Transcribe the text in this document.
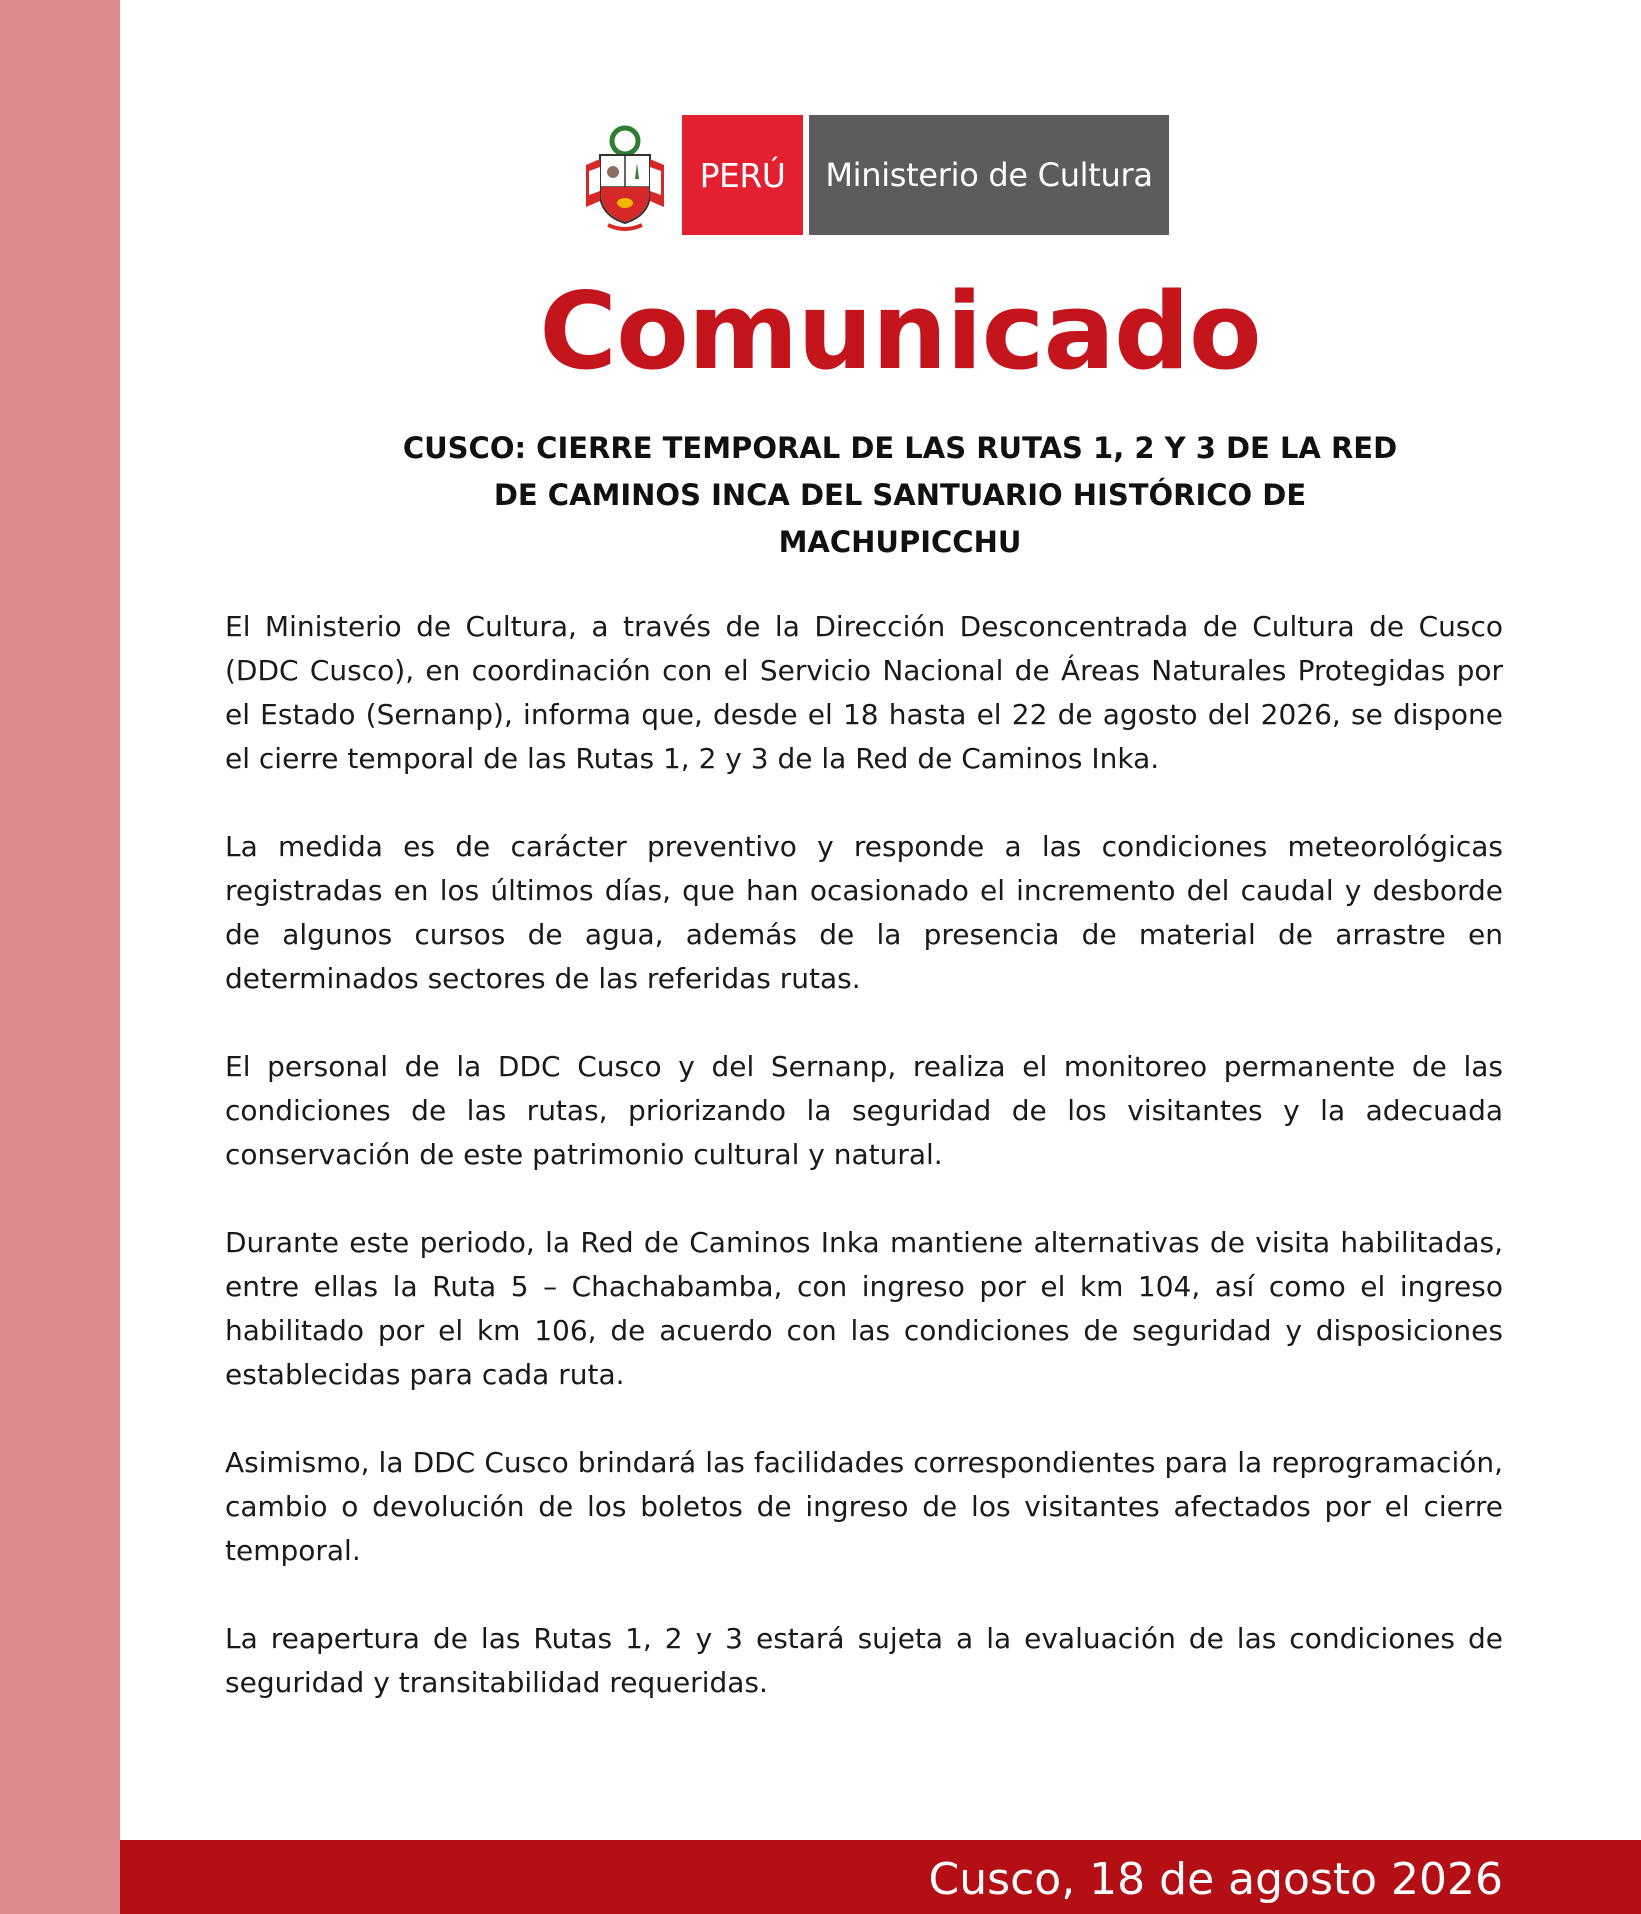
PERÚ	Ministerio de Cultura
Comunicado
CUSCO: CIERRE TEMPORAL DE LAS RUTAS 1, 2 Y 3 DE LA RED
DE CAMINOS INCA DEL SANTUARIO HISTÓRICO DE
MACHUPICCHU

El Ministerio de Cultura, a través de la Dirección Desconcentrada de Cultura de Cusco (DDC Cusco), en coordinación con el Servicio Nacional de Áreas Naturales Protegidas por el Estado (Sernanp), informa que, desde el 18 hasta el 22 de agosto del 2026, se dispone el cierre temporal de las Rutas 1, 2 y 3 de la Red de Caminos Inka.

La medida es de carácter preventivo y responde a las condiciones meteorológicas registradas en los últimos días, que han ocasionado el incremento del caudal y desborde de algunos cursos de agua, además de la presencia de material de arrastre en determinados sectores de las referidas rutas.

El personal de la DDC Cusco y del Sernanp, realiza el monitoreo permanente de las condiciones de las rutas, priorizando la seguridad de los visitantes y la adecuada conservación de este patrimonio cultural y natural.

Durante este periodo, la Red de Caminos Inka mantiene alternativas de visita habilitadas, entre ellas la Ruta 5 – Chachabamba, con ingreso por el km 104, así como el ingreso habilitado por el km 106, de acuerdo con las condiciones de seguridad y disposiciones establecidas para cada ruta.

Asimismo, la DDC Cusco brindará las facilidades correspondientes para la reprogramación, cambio o devolución de los boletos de ingreso de los visitantes afectados por el cierre temporal.

La reapertura de las Rutas 1, 2 y 3 estará sujeta a la evaluación de las condiciones de seguridad y transitabilidad requeridas.

Cusco, 18 de agosto 2026
